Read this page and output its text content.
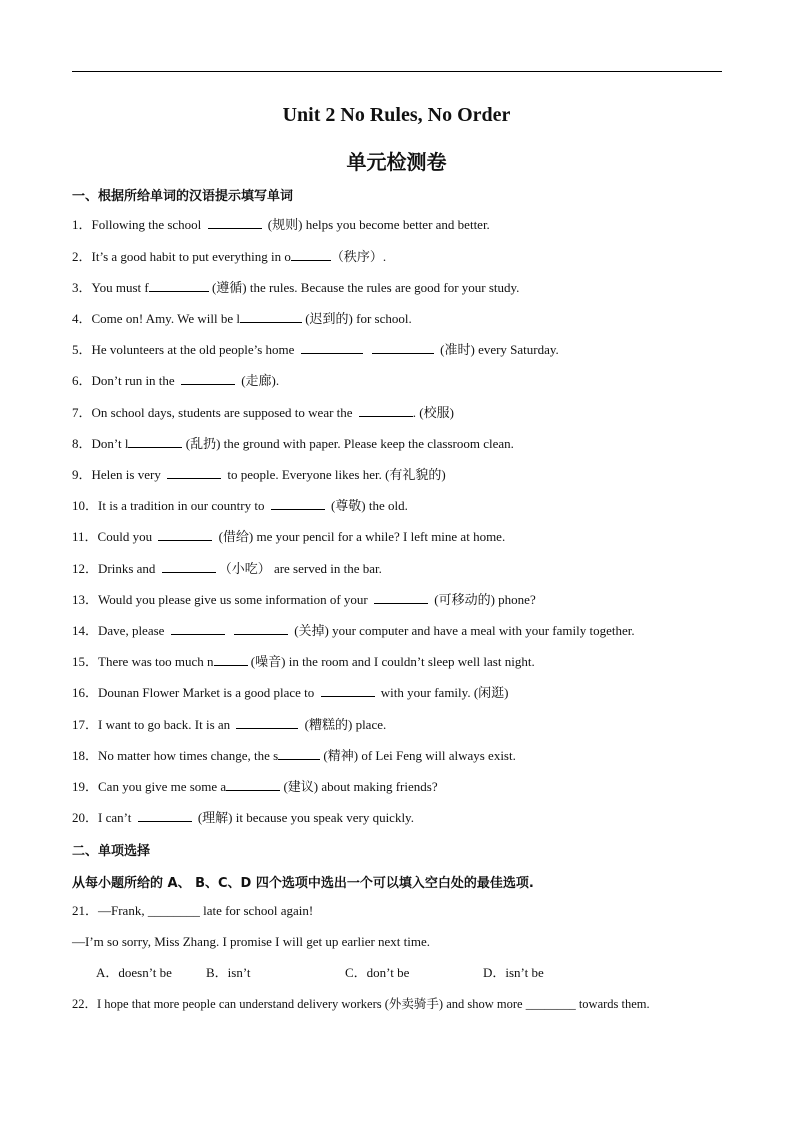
Unit 2 No Rules, No Order
单元检测卷
一、根据所给单词的汉语提示填写单词
1．Following the school	(规则) helps you become better and better.
2．It’s a good habit to put everything in o	（秩序）.
3．You must f	(遵循) the rules. Because the rules are good for your study.
4．Come on! Amy. We will be l	(迟到的) for school.
5．He volunteers at the old people’s home	(准时) every Saturday.
6．Don’t run in the	(走廊).
7．On school days, students are supposed to wear the	. (校服)
8．Don’t l	(乱扔) the ground with paper. Please keep the classroom clean.
9．Helen is very	to people. Everyone likes her. (有礼貌的)
10．It is a tradition in our country to	(尊敬) the old.
11．Could you	(借给) me your pencil for a while? I left mine at home.
12．Drinks and	（小吃） are served in the bar.
13．Would you please give us some information of your	(可移动的) phone?
14．Dave, please	(关掉) your computer and have a meal with your family together.
15．There was too much n	(噪音) in the room and I couldn’t sleep well last night.
16．Dounan Flower Market is a good place to	with your family. (闲逛)
17．I want to go back. It is an	(糟糕的) place.
18．No matter how times change, the s	(精神) of Lei Feng will always exist.
19．Can you give me some a	(建议) about making friends?
20．I can’t	(理解) it because you speak very quickly.
二、单项选择
从每小题所给的 A、 B、C、D 四个选项中选出一个可以填入空白处的最佳选项.
21．—Frank, ________ late for school again!
—I’m so sorry, Miss Zhang. I promise I will get up earlier next time.
A．doesn’t be	B．isn’t	C．don’t be	D．isn’t be
22．I hope that more people can understand delivery workers (外卖骑手) and show more ________ towards them.
